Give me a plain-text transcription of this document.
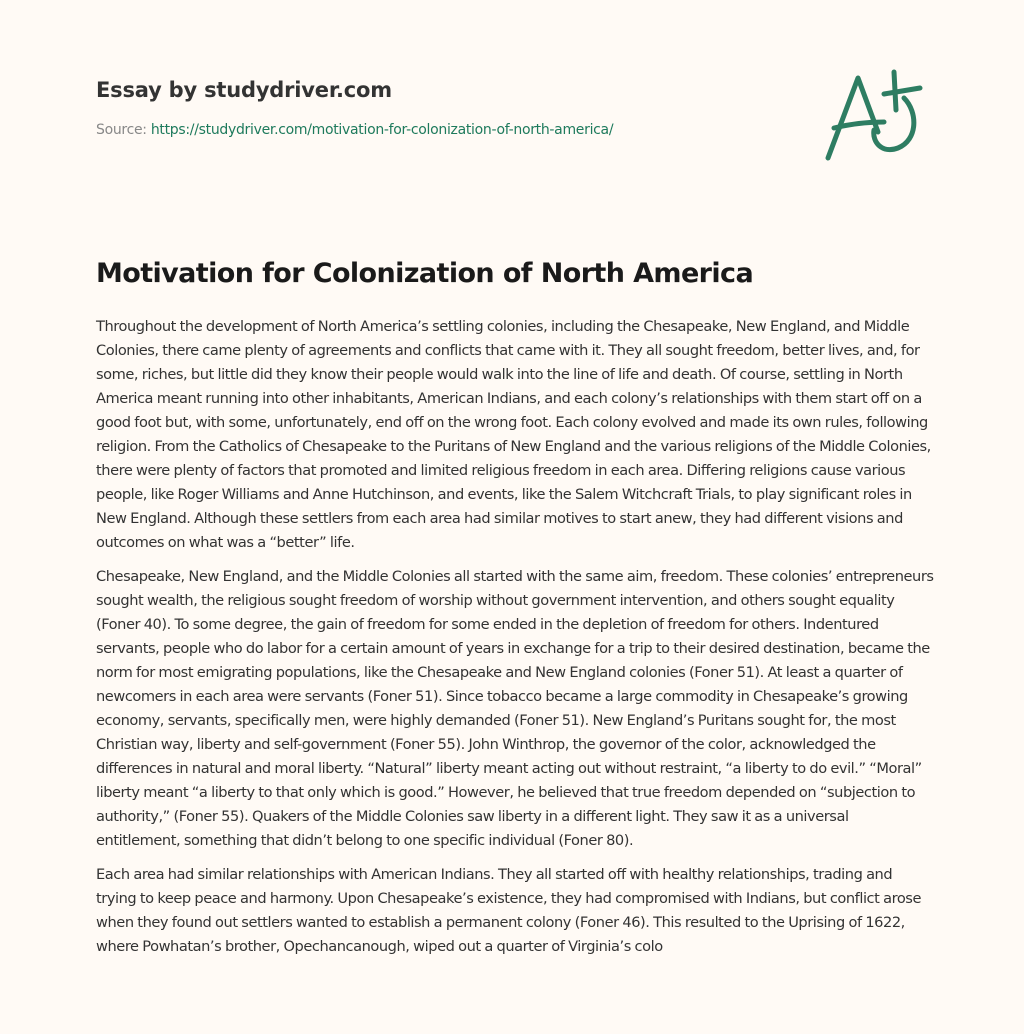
Essay by studydriver.com
Source: https://studydriver.com/motivation-for-colonization-of-north-america/
Motivation for Colonization of North America

Throughout the development of North America’s settling colonies, including the Chesapeake, New England, and Middle Colonies, there came plenty of agreements and conflicts that came with it. They all sought freedom, better lives, and, for some, riches, but little did they know their people would walk into the line of life and death. Of course, settling in North America meant running into other inhabitants, American Indians, and each colony’s relationships with them start off on a good foot but, with some, unfortunately, end off on the wrong foot. Each colony evolved and made its own rules, following religion. From the Catholics of Chesapeake to the Puritans of New England and the various religions of the Middle Colonies, there were plenty of factors that promoted and limited religious freedom in each area. Differing religions cause various people, like Roger Williams and Anne Hutchinson, and events, like the Salem Witchcraft Trials, to play significant roles in New England. Although these settlers from each area had similar motives to start anew, they had different visions and outcomes on what was a “better” life.

Chesapeake, New England, and the Middle Colonies all started with the same aim, freedom. These colonies’ entrepreneurs sought wealth, the religious sought freedom of worship without government intervention, and others sought equality (Foner 40). To some degree, the gain of freedom for some ended in the depletion of freedom for others. Indentured servants, people who do labor for a certain amount of years in exchange for a trip to their desired destination, became the norm for most emigrating populations, like the Chesapeake and New England colonies (Foner 51). At least a quarter of newcomers in each area were servants (Foner 51). Since tobacco became a large commodity in Chesapeake’s growing economy, servants, specifically men, were highly demanded (Foner 51). New England’s Puritans sought for, the most Christian way, liberty and self-government (Foner 55). John Winthrop, the governor of the color, acknowledged the differences in natural and moral liberty. “Natural” liberty meant acting out without restraint, “a liberty to do evil.” “Moral” liberty meant “a liberty to that only which is good.” However, he believed that true freedom depended on “subjection to authority,” (Foner 55). Quakers of the Middle Colonies saw liberty in a different light. They saw it as a universal entitlement, something that didn’t belong to one specific individual (Foner 80).

Each area had similar relationships with American Indians. They all started off with healthy relationships, trading and trying to keep peace and harmony. Upon Chesapeake’s existence, they had compromised with Indians, but conflict arose when they found out settlers wanted to establish a permanent colony (Foner 46). This resulted to the Uprising of 1622, where Powhatan’s brother, Opechancanough, wiped out a quarter of Virginia’s colo
